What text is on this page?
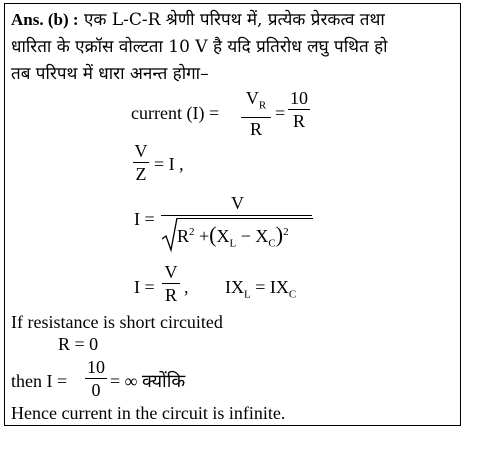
Ans. (b) : एक L-C-R श्रेणी परिपथ में, प्रत्येक प्रेरकत्व तथा
धारिता के एक्रॉस वोल्टता 10 V है यदि प्रतिरोध लघु पथित हो
तब परिपथ में धारा अनन्त होगा–
current (I) =
$V_R$
R
=
10
R
V
Z = I ,
I =
V
$R^2 +(X_L - X_C)^2$
I =
V
R , $IX_L = IX_C$
If resistance is short circuited
R = 0
then I =
10
0 = ∞ क्योंकि
Hence current in the circuit is infinite.
